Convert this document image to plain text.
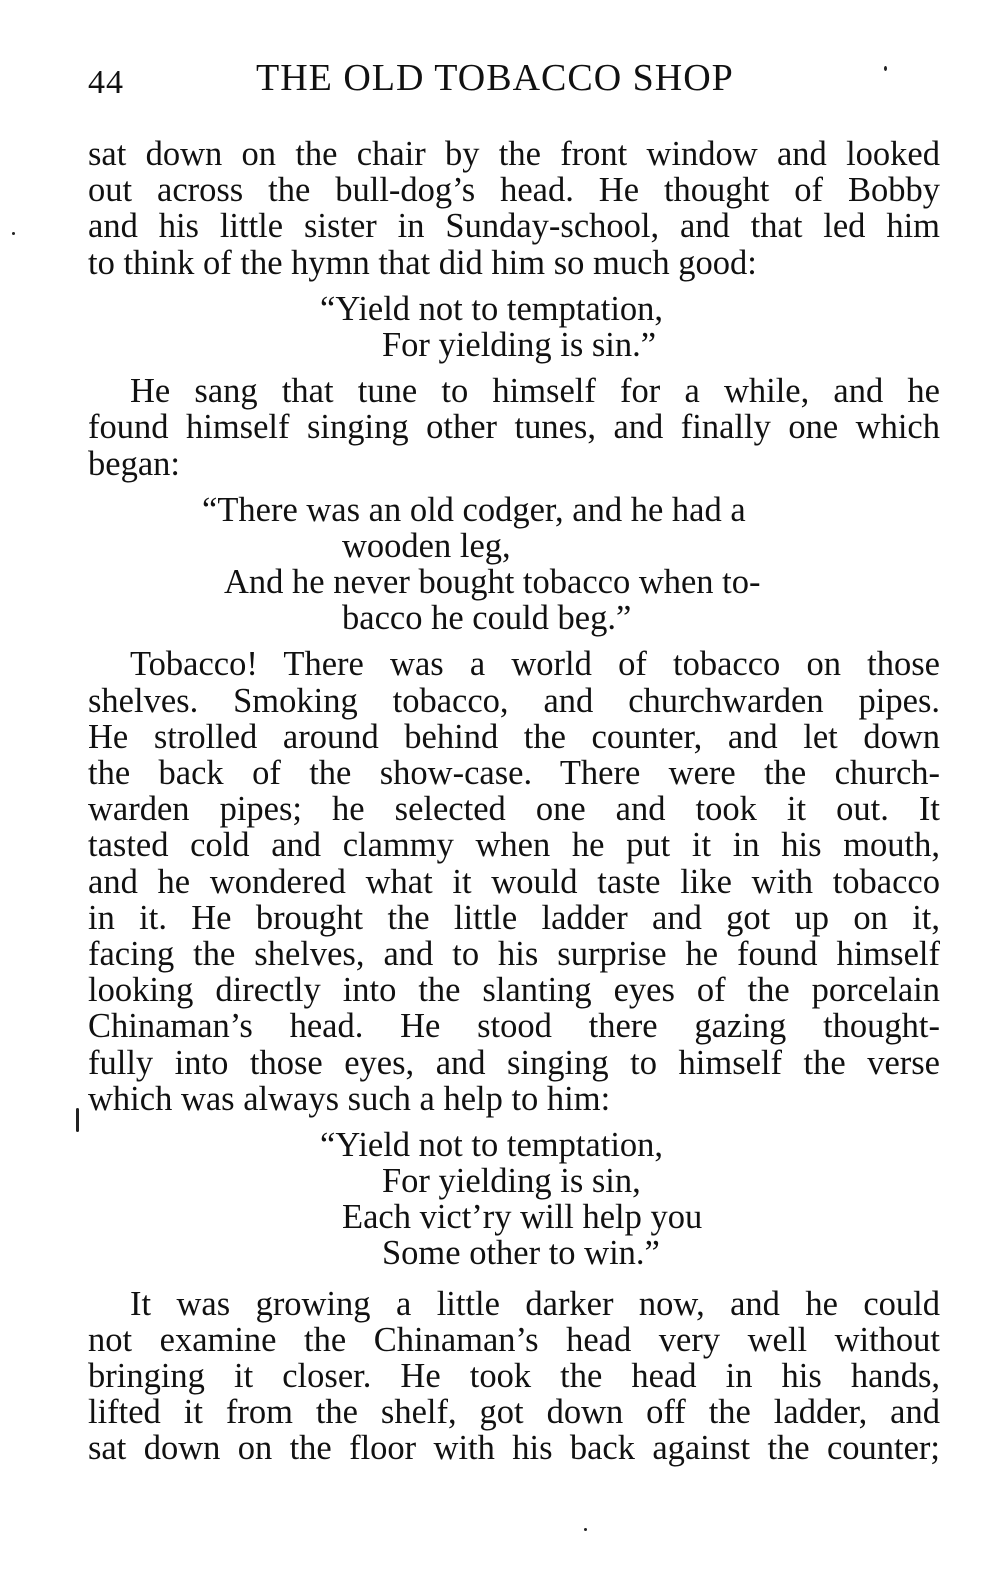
44	THE OLD TOBACCO SHOP
sat down on the chair by the front window and looked
out across the bull-dog’s head. He thought of Bobby
and his little sister in Sunday-school, and that led him
to think of the hymn that did him so much good:
“Yield not to temptation,
For yielding is sin.”
He sang that tune to himself for a while, and he
found himself singing other tunes, and finally one which
began:
“There was an old codger, and he had a
wooden leg,
And he never bought tobacco when to-
bacco he could beg.”
Tobacco! There was a world of tobacco on those
shelves. Smoking tobacco, and churchwarden pipes.
He strolled around behind the counter, and let down
the back of the show-case. There were the church-
warden pipes; he selected one and took it out. It
tasted cold and clammy when he put it in his mouth,
and he wondered what it would taste like with tobacco
in it. He brought the little ladder and got up on it,
facing the shelves, and to his surprise he found himself
looking directly into the slanting eyes of the porcelain
Chinaman’s head. He stood there gazing thought-
fully into those eyes, and singing to himself the verse
which was always such a help to him:
“Yield not to temptation,
For yielding is sin,
Each vict’ry will help you
Some other to win.”
It was growing a little darker now, and he could
not examine the Chinaman’s head very well without
bringing it closer. He took the head in his hands,
lifted it from the shelf, got down off the ladder, and
sat down on the floor with his back against the counter;
